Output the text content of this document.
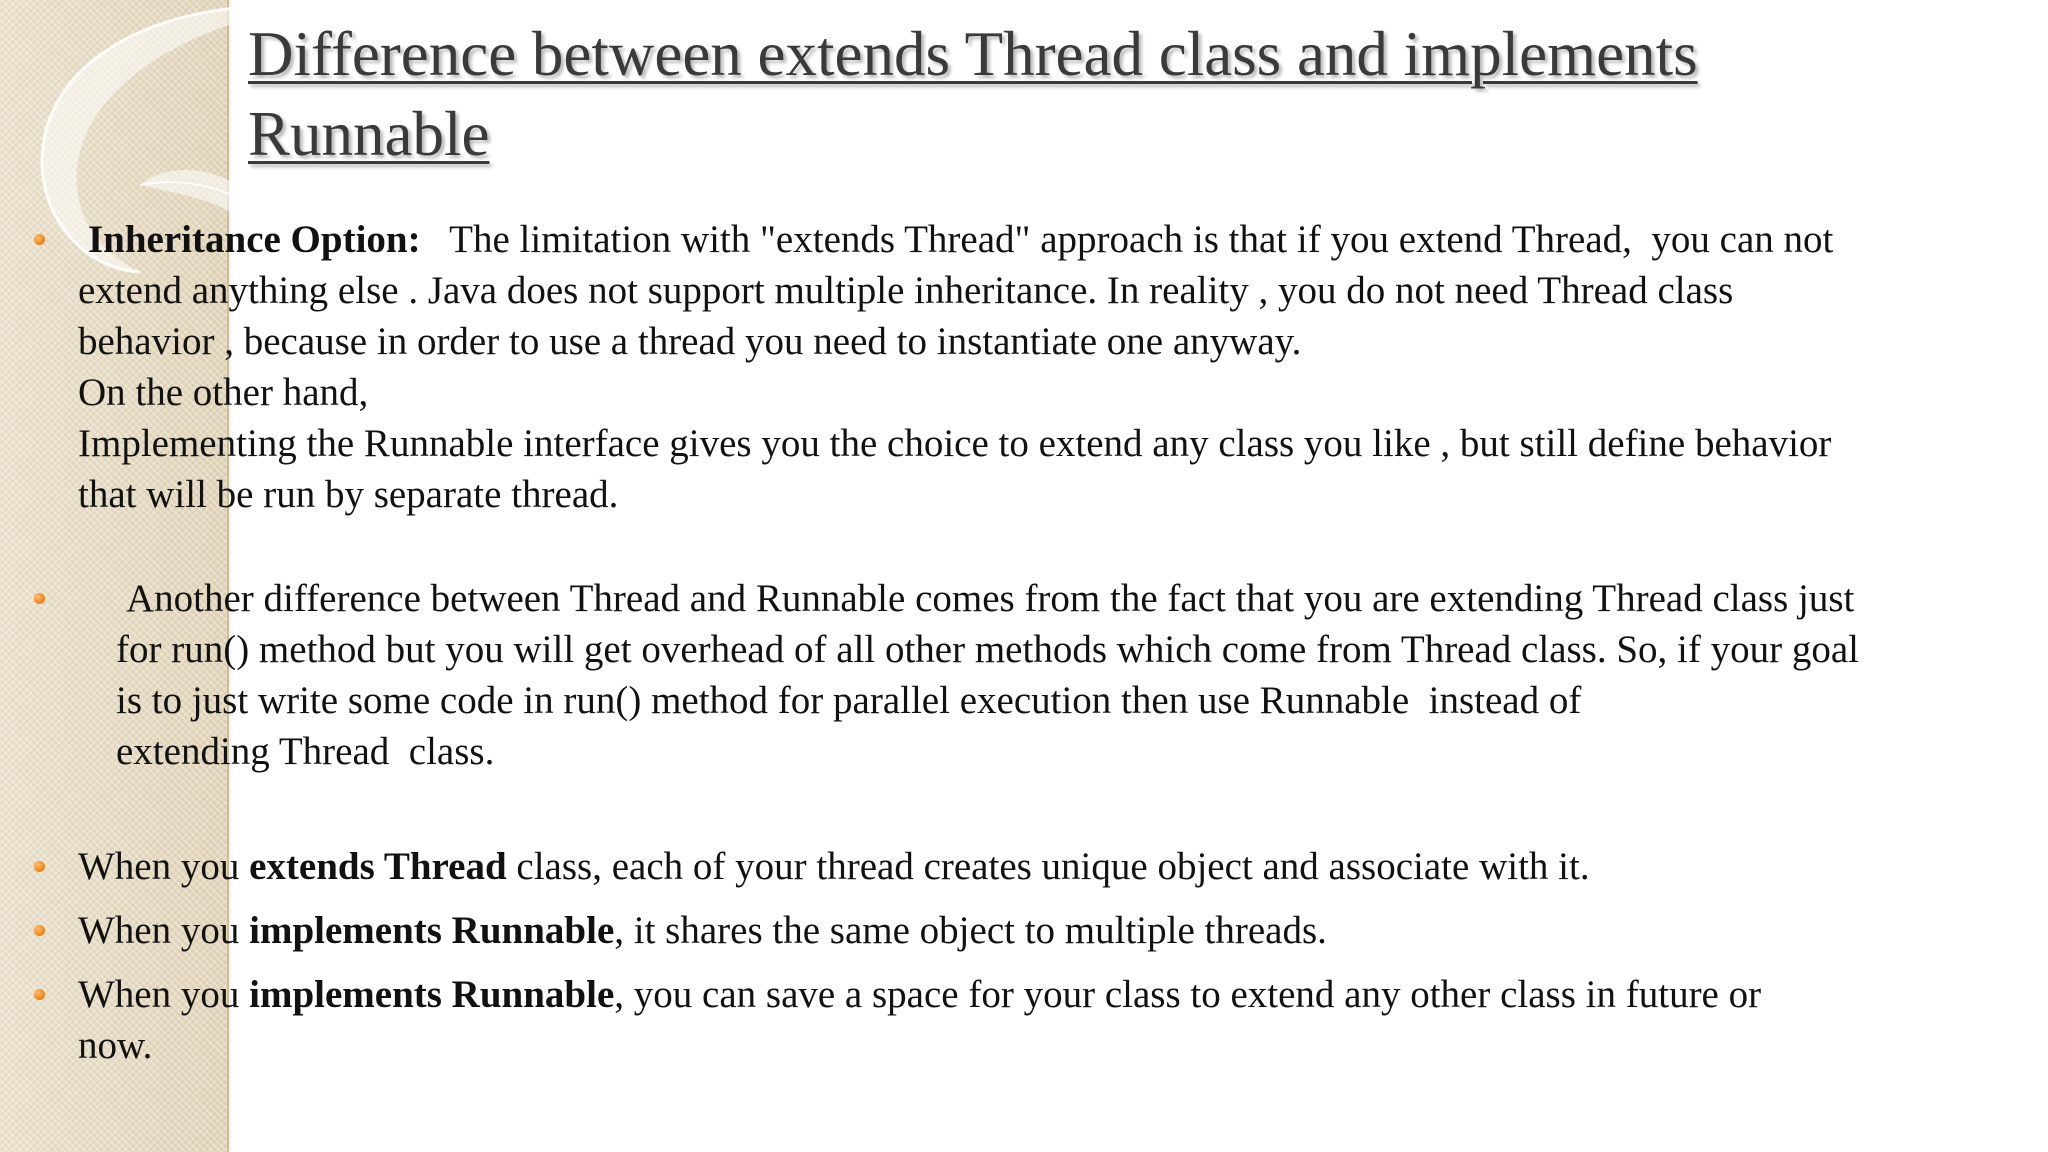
Difference between extends Thread class and implements
Runnable
Inheritance Option:   The limitation with "extends Thread" approach is that if you extend Thread,  you can not
extend anything else . Java does not support multiple inheritance. In reality , you do not need Thread class
behavior , because in order to use a thread you need to instantiate one anyway.
On the other hand,
Implementing the Runnable interface gives you the choice to extend any class you like , but still define behavior
that will be run by separate thread.
Another difference between Thread and Runnable comes from the fact that you are extending Thread class just
for run() method but you will get overhead of all other methods which come from Thread class. So, if your goal
is to just write some code in run() method for parallel execution then use Runnable  instead of
extending Thread  class.
When you extends Thread class, each of your thread creates unique object and associate with it.
When you implements Runnable, it shares the same object to multiple threads.
When you implements Runnable, you can save a space for your class to extend any other class in future or
now.
